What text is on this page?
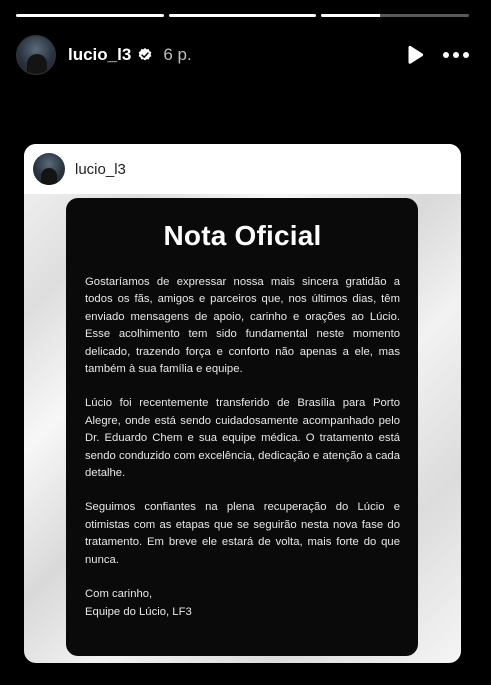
lucio_l3 6 p.
lucio_l3
Nota Oficial

Gostaríamos de expressar nossa mais sincera gratidão a todos os fãs, amigos e parceiros que, nos últimos dias, têm enviado mensagens de apoio, carinho e orações ao Lúcio. Esse acolhimento tem sido fundamental neste momento delicado, trazendo força e conforto não apenas a ele, mas também à sua família e equipe.

Lúcio foi recentemente transferido de Brasília para Porto Alegre, onde está sendo cuidadosamente acompanhado pelo Dr. Eduardo Chem e sua equipe médica. O tratamento está sendo conduzido com excelência, dedicação e atenção a cada detalhe.

Seguimos confiantes na plena recuperação do Lúcio e otimistas com as etapas que se seguirão nesta nova fase do tratamento. Em breve ele estará de volta, mais forte do que nunca.

Com carinho,
Equipe do Lúcio, LF3
